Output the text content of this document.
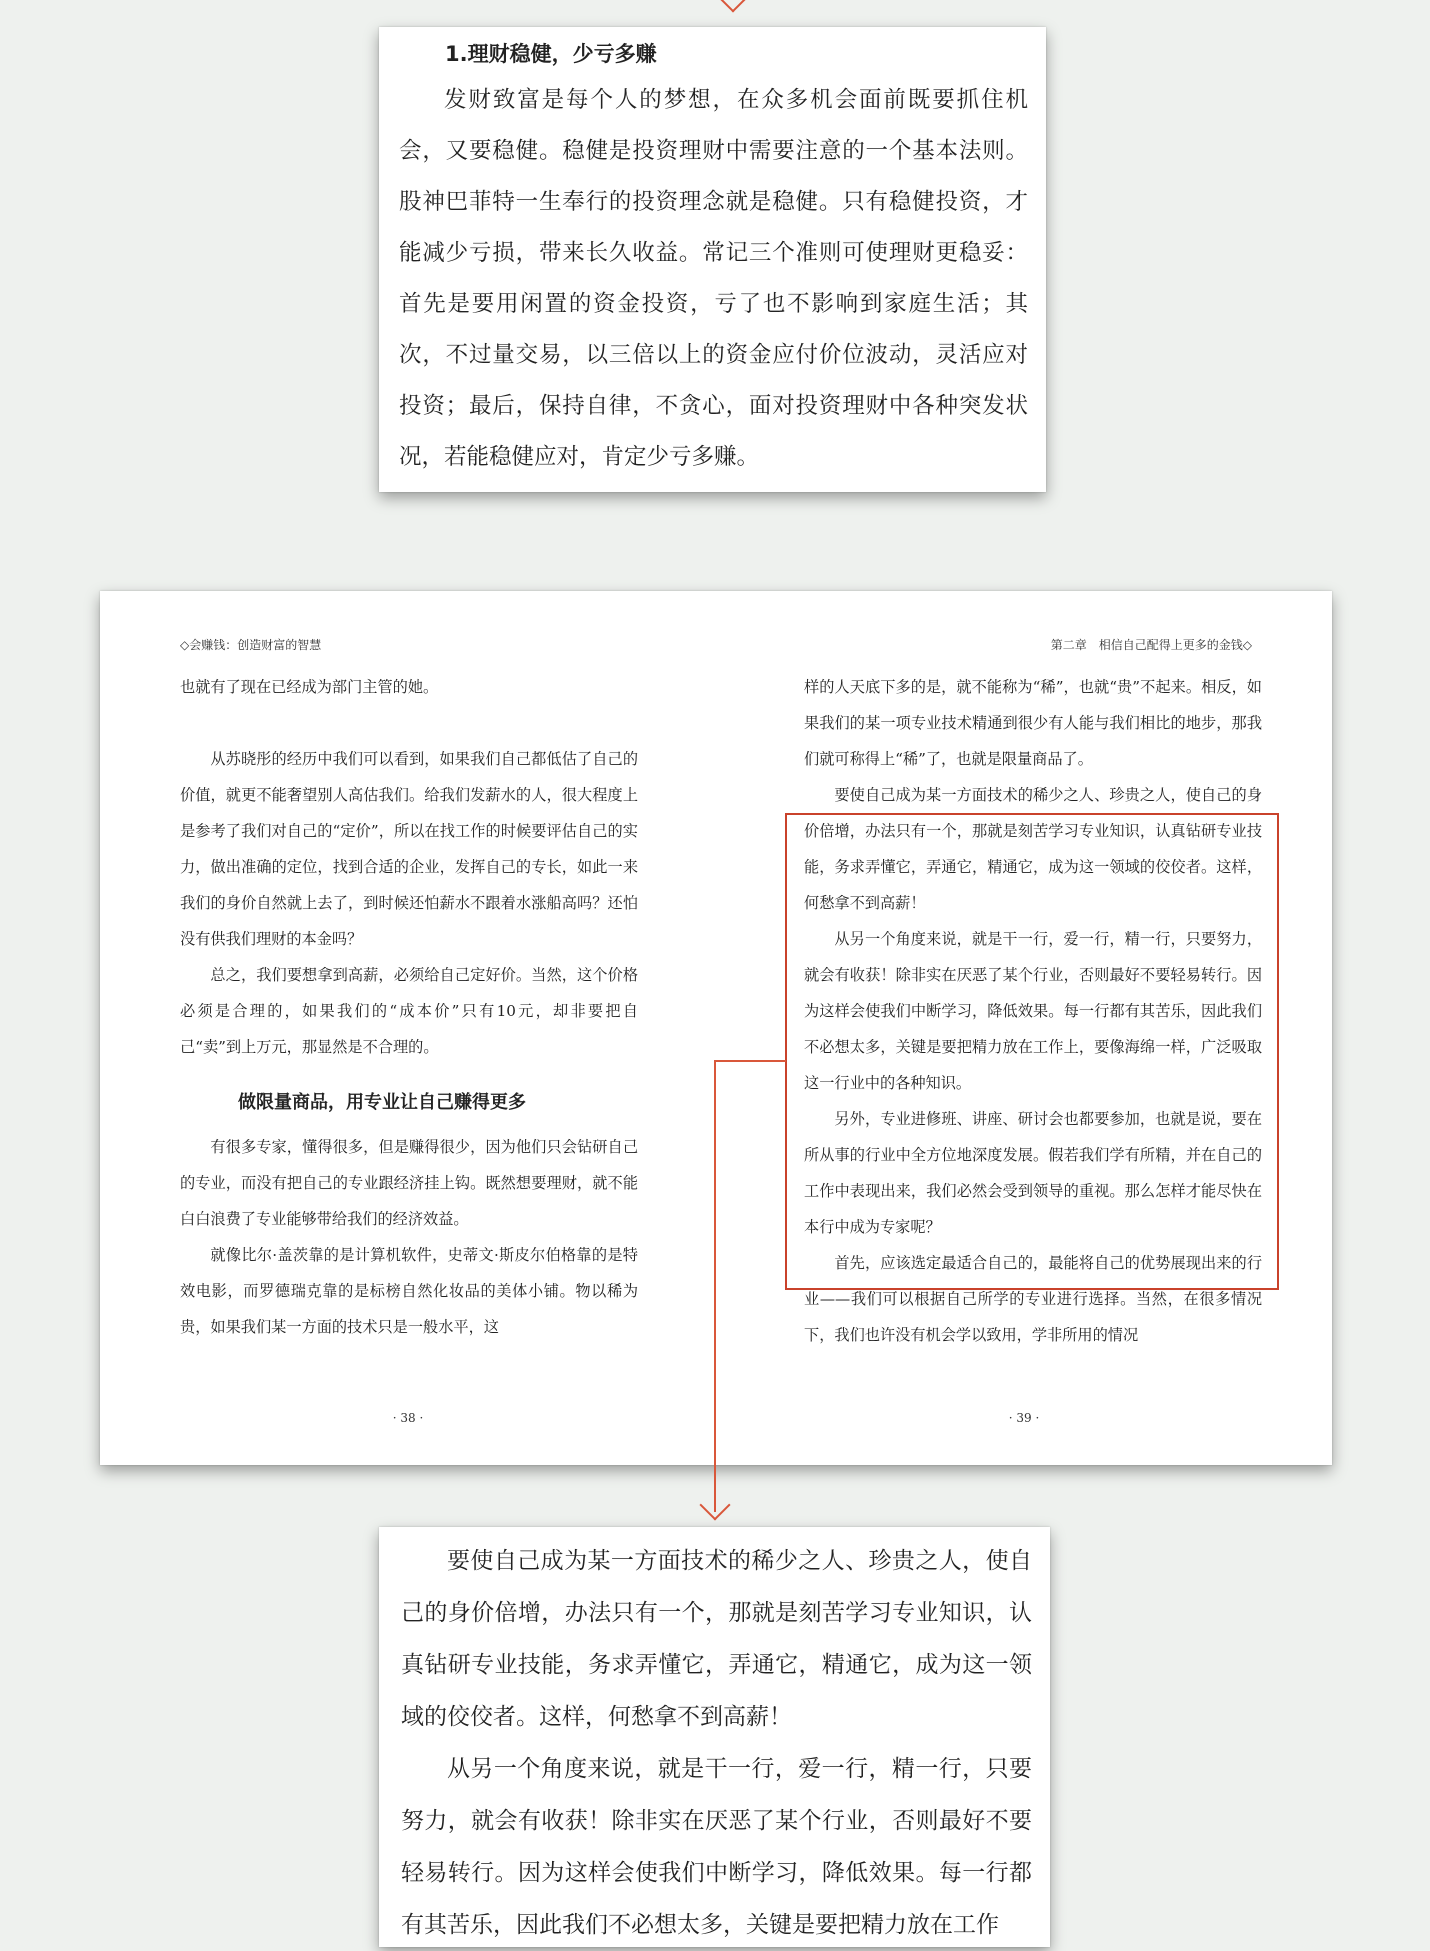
1.理财稳健，少亏多赚

发财致富是每个人的梦想，在众多机会面前既要抓住机会，又要稳健。稳健是投资理财中需要注意的一个基本法则。股神巴菲特一生奉行的投资理念就是稳健。只有稳健投资，才能减少亏损，带来长久收益。常记三个准则可使理财更稳妥：首先是要用闲置的资金投资，亏了也不影响到家庭生活；其次，不过量交易，以三倍以上的资金应付价位波动，灵活应对投资；最后，保持自律，不贪心，面对投资理财中各种突发状况，若能稳健应对，肯定少亏多赚。

◇会赚钱：创造财富的智慧

也就有了现在已经成为部门主管的她。

从苏晓彤的经历中我们可以看到，如果我们自己都低估了自己的价值，就更不能奢望别人高估我们。给我们发薪水的人，很大程度上是参考了我们对自己的“定价”，所以在找工作的时候要评估自己的实力，做出准确的定位，找到合适的企业，发挥自己的专长，如此一来我们的身价自然就上去了，到时候还怕薪水不跟着水涨船高吗？还怕没有供我们理财的本金吗？

总之，我们要想拿到高薪，必须给自己定好价。当然，这个价格必须是合理的，如果我们的“成本价”只有10元，却非要把自己“卖”到上万元，那显然是不合理的。

做限量商品，用专业让自己赚得更多

有很多专家，懂得很多，但是赚得很少，因为他们只会钻研自己的专业，而没有把自己的专业跟经济挂上钩。既然想要理财，就不能白白浪费了专业能够带给我们的经济效益。

就像比尔·盖茨靠的是计算机软件，史蒂文·斯皮尔伯格靠的是特效电影，而罗德瑞克靠的是标榜自然化妆品的美体小铺。物以稀为贵，如果我们某一方面的技术只是一般水平，这

· 38 ·
第二章　相信自己配得上更多的金钱◇

样的人天底下多的是，就不能称为“稀”，也就“贵”不起来。相反，如果我们的某一项专业技术精通到很少有人能与我们相比的地步，那我们就可称得上“稀”了，也就是限量商品了。

要使自己成为某一方面技术的稀少之人、珍贵之人，使自己的身价倍增，办法只有一个，那就是刻苦学习专业知识，认真钻研专业技能，务求弄懂它，弄通它，精通它，成为这一领域的佼佼者。这样，何愁拿不到高薪！

从另一个角度来说，就是干一行，爱一行，精一行，只要努力，就会有收获！除非实在厌恶了某个行业，否则最好不要轻易转行。因为这样会使我们中断学习，降低效果。每一行都有其苦乐，因此我们不必想太多，关键是要把精力放在工作上，要像海绵一样，广泛吸取这一行业中的各种知识。

另外，专业进修班、讲座、研讨会也都要参加，也就是说，要在所从事的行业中全方位地深度发展。假若我们学有所精，并在自己的工作中表现出来，我们必然会受到领导的重视。那么怎样才能尽快在本行中成为专家呢？

首先，应该选定最适合自己的，最能将自己的优势展现出来的行业——我们可以根据自己所学的专业进行选择。当然，在很多情况下，我们也许没有机会学以致用，学非所用的情况

· 39 ·

要使自己成为某一方面技术的稀少之人、珍贵之人，使自己的身价倍增，办法只有一个，那就是刻苦学习专业知识，认真钻研专业技能，务求弄懂它，弄通它，精通它，成为这一领域的佼佼者。这样，何愁拿不到高薪！

从另一个角度来说，就是干一行，爱一行，精一行，只要努力，就会有收获！除非实在厌恶了某个行业，否则最好不要轻易转行。因为这样会使我们中断学习，降低效果。每一行都有其苦乐，因此我们不必想太多，关键是要把精力放在工作
